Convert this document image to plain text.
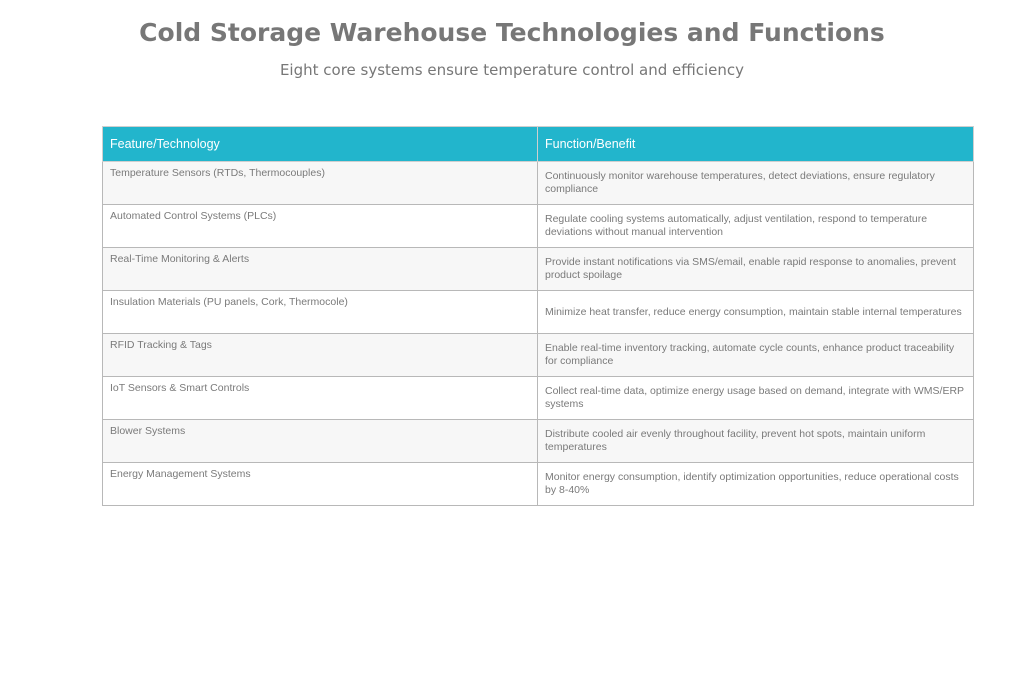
Cold Storage Warehouse Technologies and Functions
Eight core systems ensure temperature control and efficiency
Feature/Technology	Function/Benefit
Temperature Sensors (RTDs, Thermocouples)	Continuously monitor warehouse temperatures, detect deviations, ensure regulatory compliance
Automated Control Systems (PLCs)	Regulate cooling systems automatically, adjust ventilation, respond to temperature deviations without manual intervention
Real-Time Monitoring & Alerts	Provide instant notifications via SMS/email, enable rapid response to anomalies, prevent product spoilage
Insulation Materials (PU panels, Cork, Thermocole)	Minimize heat transfer, reduce energy consumption, maintain stable internal temperatures
RFID Tracking & Tags	Enable real-time inventory tracking, automate cycle counts, enhance product traceability for compliance
IoT Sensors & Smart Controls	Collect real-time data, optimize energy usage based on demand, integrate with WMS/ERP systems
Blower Systems	Distribute cooled air evenly throughout facility, prevent hot spots, maintain uniform temperatures
Energy Management Systems	Monitor energy consumption, identify optimization opportunities, reduce operational costs by 8-40%
